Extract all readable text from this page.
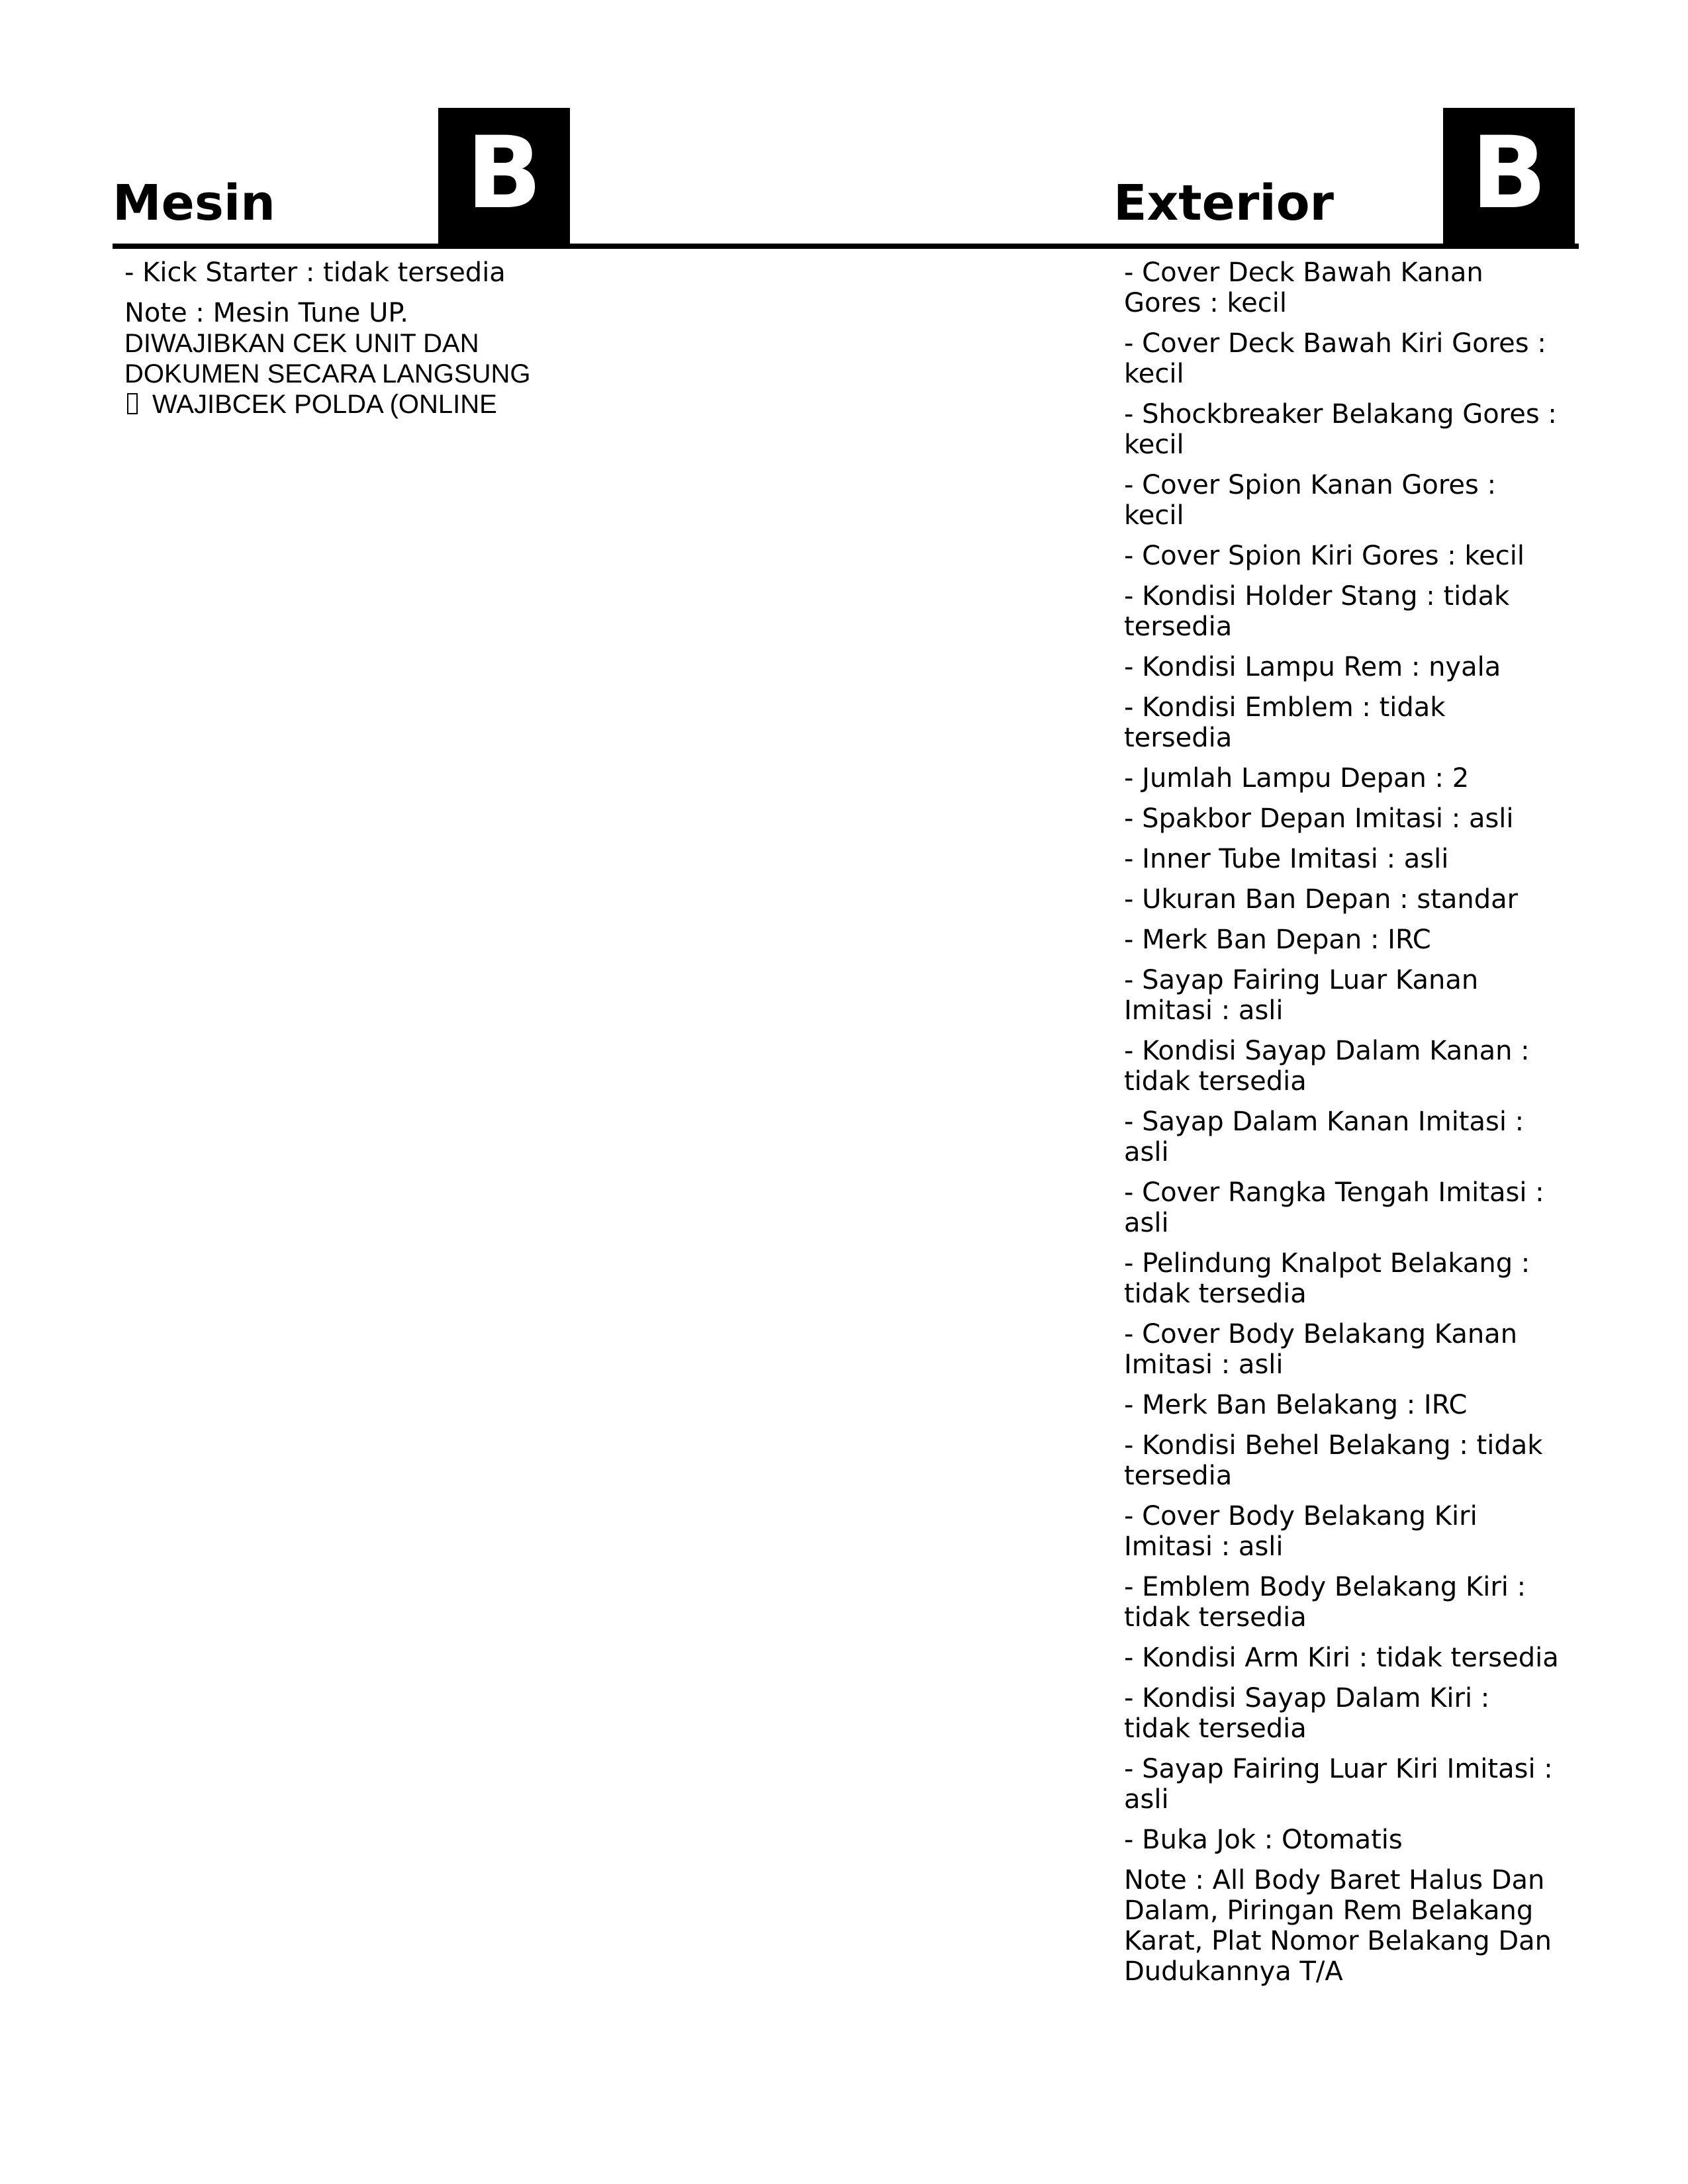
Mesin B	Exterior B

- Kick Starter : tidak tersedia

Note : Mesin Tune UP.
DIWAJIBKAN CEK UNIT DAN
DOKUMEN SECARA LANGSUNG
WAJIBCEK POLDA (ONLINE

- Cover Deck Bawah Kanan Gores : kecil

- Cover Deck Bawah Kiri Gores : kecil

- Shockbreaker Belakang Gores : kecil

- Cover Spion Kanan Gores : kecil

- Cover Spion Kiri Gores : kecil

- Kondisi Holder Stang : tidak tersedia

- Kondisi Lampu Rem : nyala

- Kondisi Emblem : tidak tersedia

- Jumlah Lampu Depan : 2

- Spakbor Depan Imitasi : asli

- Inner Tube Imitasi : asli

- Ukuran Ban Depan : standar

- Merk Ban Depan : IRC

- Sayap Fairing Luar Kanan Imitasi : asli

- Kondisi Sayap Dalam Kanan : tidak tersedia

- Sayap Dalam Kanan Imitasi : asli

- Cover Rangka Tengah Imitasi : asli

- Pelindung Knalpot Belakang : tidak tersedia

- Cover Body Belakang Kanan Imitasi : asli

- Merk Ban Belakang : IRC

- Kondisi Behel Belakang : tidak tersedia

- Cover Body Belakang Kiri Imitasi : asli

- Emblem Body Belakang Kiri : tidak tersedia

- Kondisi Arm Kiri : tidak tersedia

- Kondisi Sayap Dalam Kiri : tidak tersedia

- Sayap Fairing Luar Kiri Imitasi : asli

- Buka Jok : Otomatis

Note : All Body Baret Halus Dan Dalam, Piringan Rem Belakang Karat, Plat Nomor Belakang Dan Dudukannya T/A
